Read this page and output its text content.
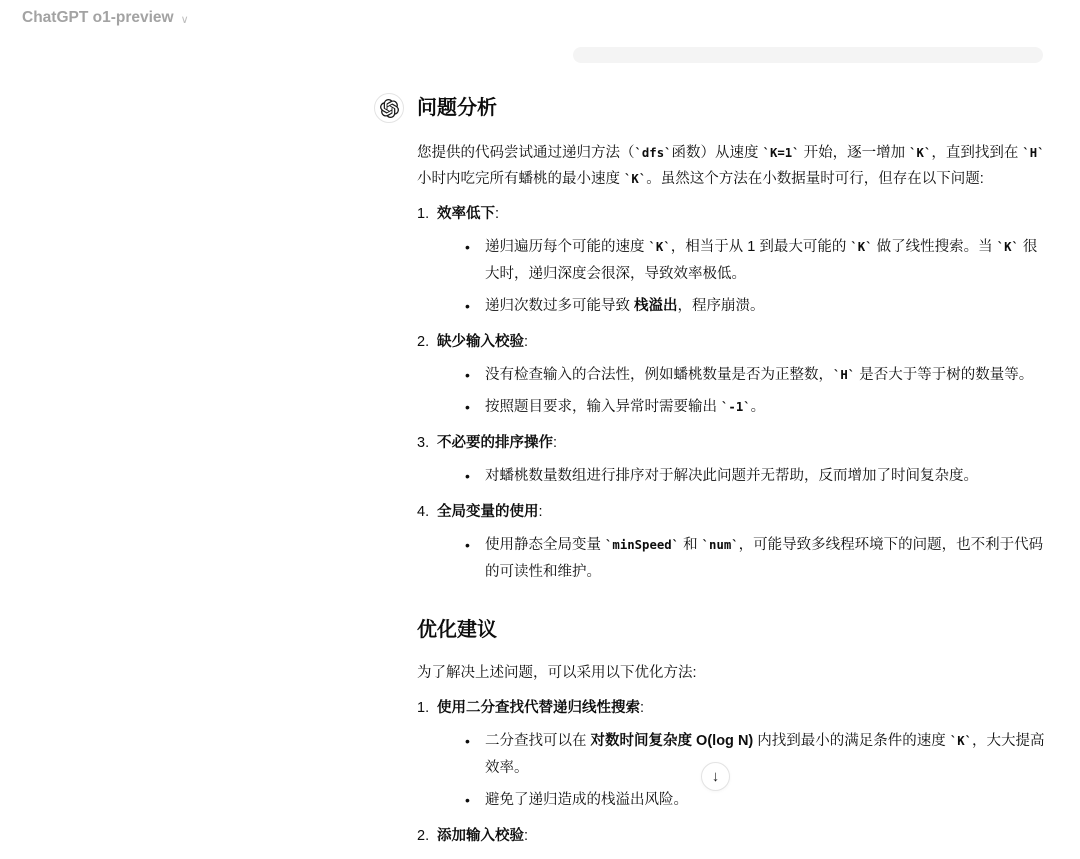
ChatGPT o1-preview ∨
问题分析

您提供的代码尝试通过递归方法（`dfs`函数）从速度 `K=1` 开始，逐一增加 `K`，直到找到在 `H` 小时内吃完所有蟠桃的最小速度 `K`。虽然这个方法在小数据量时可行，但存在以下问题:

1. 效率低下:
•	递归遍历每个可能的速度 `K`，相当于从 1 到最大可能的 `K` 做了线性搜索。当 `K` 很大时，递归深度会很深，导致效率极低。
•	递归次数过多可能导致 栈溢出，程序崩溃。
2. 缺少输入校验:
•	没有检查输入的合法性，例如蟠桃数量是否为正整数，`H` 是否大于等于树的数量等。
•	按照题目要求，输入异常时需要输出 `-1`。
3. 不必要的排序操作:
•	对蟠桃数量数组进行排序对于解决此问题并无帮助，反而增加了时间复杂度。
4. 全局变量的使用:
•	使用静态全局变量 `minSpeed` 和 `num`，可能导致多线程环境下的问题，也不利于代码的可读性和维护。
优化建议

为了解决上述问题，可以采用以下优化方法:

1. 使用二分查找代替递归线性搜索:
•	二分查找可以在 对数时间复杂度 O(log N) 内找到最小的满足条件的速度 `K`，大大提高效率。
•	避免了递归造成的栈溢出风险。
2. 添加输入校验:
↓
